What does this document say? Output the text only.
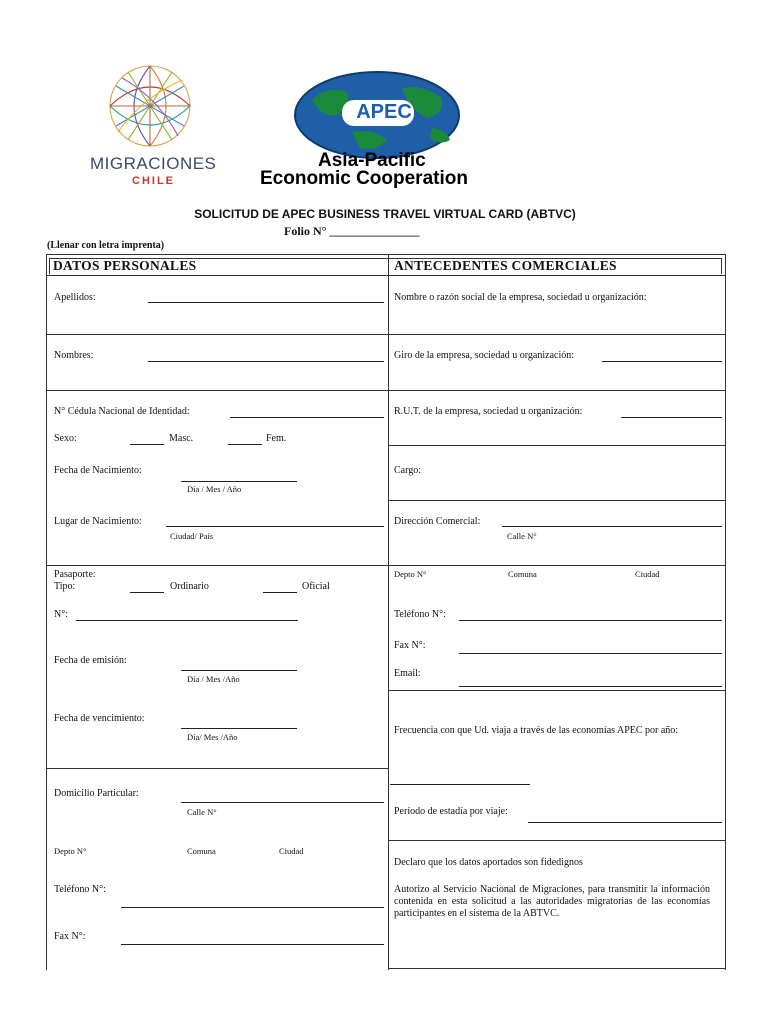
MIGRACIONES
CHILE
APEC
Asia-Pacific
Economic Cooperation
SOLICITUD DE APEC BUSINESS TRAVEL VIRTUAL CARD (ABTVC)
Folio N° _______________
(Llenar con letra imprenta)
DATOS PERSONALES
Apellidos:
Nombres:
N° Cédula Nacional de Identidad:
Sexo:	Masc.	Fem.
Fecha de Nacimiento:
Día / Mes / Año
Lugar de Nacimiento:
Ciudad/ País
Pasaporte:
Tipo:	Ordinario	Oficial
N°:
Fecha de emisión:
Día / Mes /Año
Fecha de vencimiento:
Día/ Mes /Año
Domicilio Particular:
Calle N°
Depto N°	Comuna	Ciudad
Teléfono N°:
Fax N°:
ANTECEDENTES COMERCIALES
Nombre o razón social de la empresa, sociedad u organización:
Giro de la empresa, sociedad u organización:
R.U.T. de la empresa, sociedad u organización:
Cargo:
Dirección Comercial:
Calle N°
Depto N°	Comuna	Ciudad
Teléfono N°:
Fax N°:
Email:
Frecuencia con que Ud. viaja a través de las economías APEC por año:
Período de estadía por viaje:
Declaro que los datos aportados son fidedignos
Autorizo al Servicio Nacional de Migraciones, para transmitir la información contenida en esta solicitud a las autoridades migratorias de las economías participantes en el sistema de la ABTVC.
